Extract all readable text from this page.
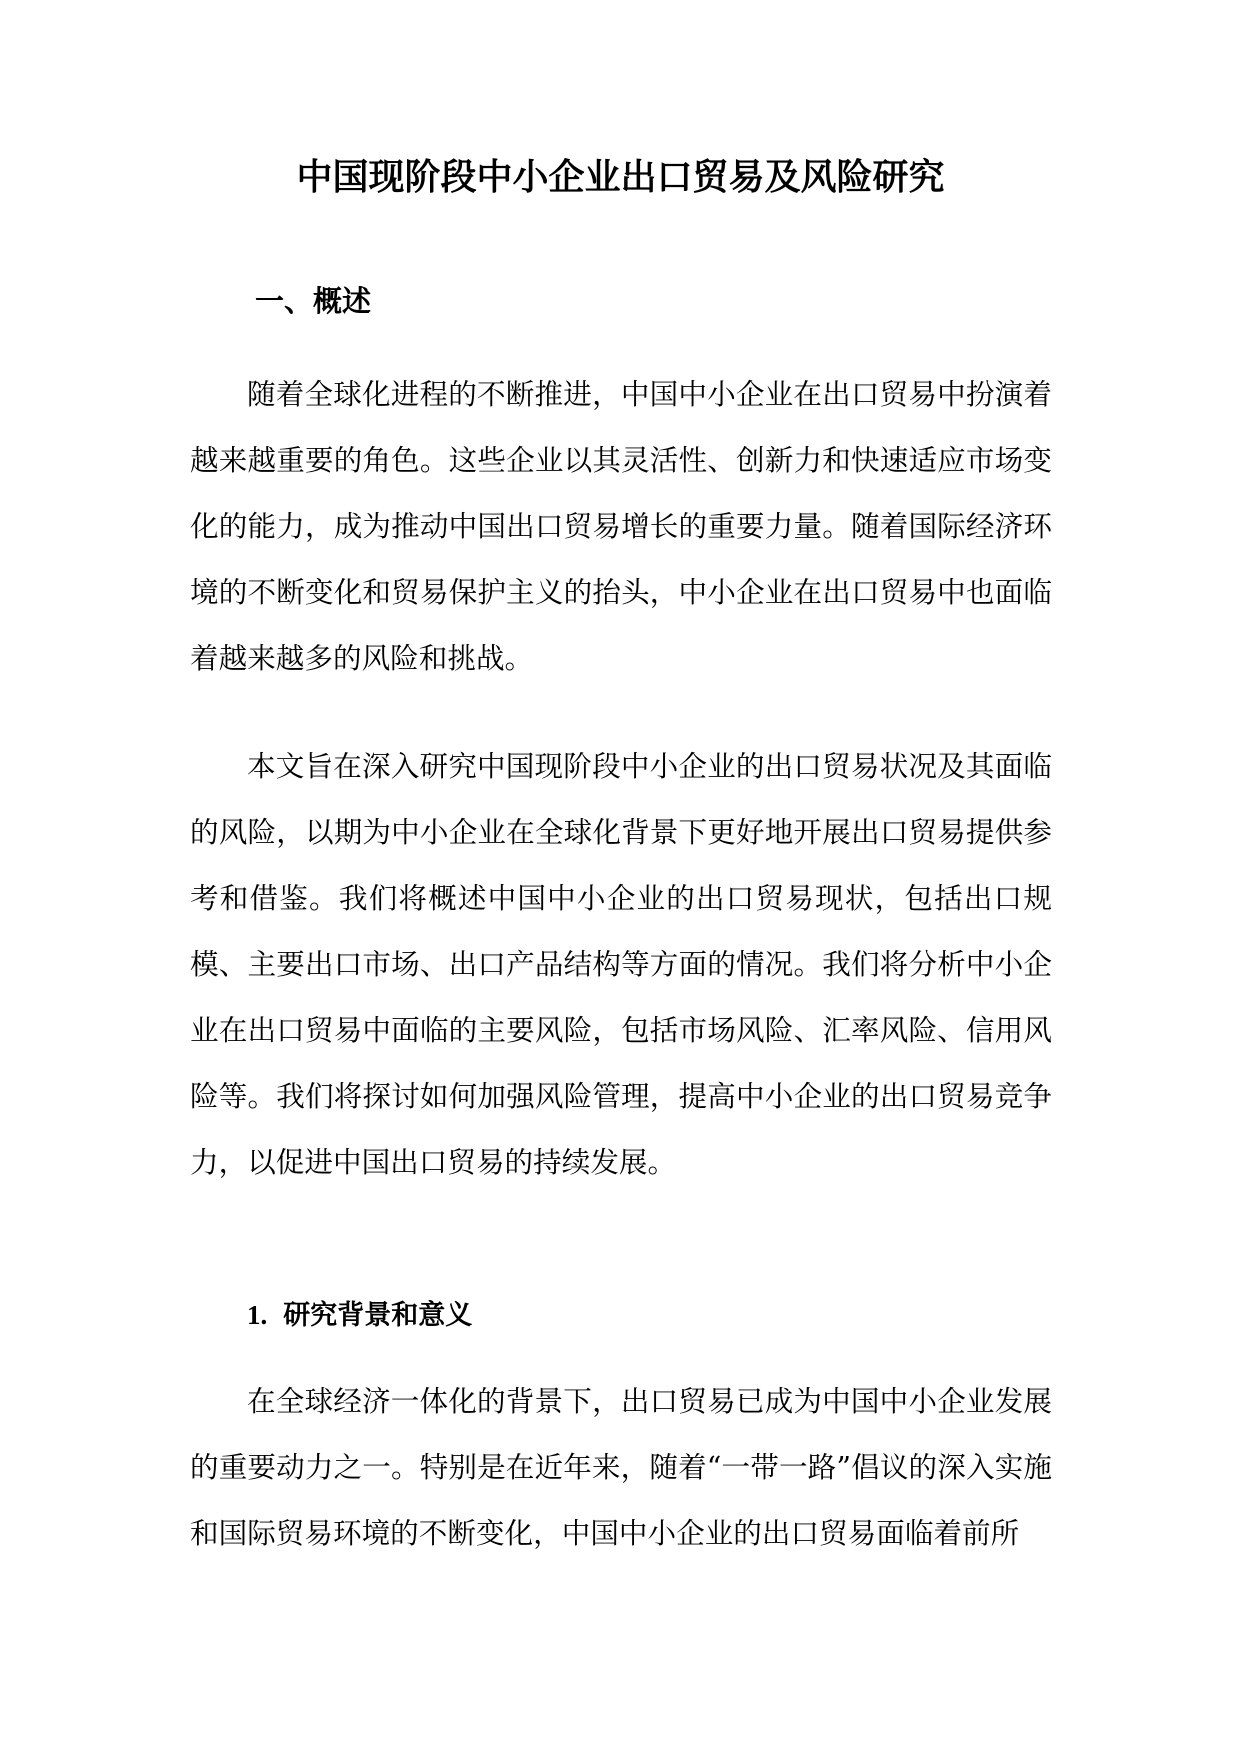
中国现阶段中小企业出口贸易及风险研究
一、概述

随着全球化进程的不断推进，中国中小企业在出口贸易中扮演着越来越重要的角色。这些企业以其灵活性、创新力和快速适应市场变化的能力，成为推动中国出口贸易增长的重要力量。随着国际经济环境的不断变化和贸易保护主义的抬头，中小企业在出口贸易中也面临着越来越多的风险和挑战。

本文旨在深入研究中国现阶段中小企业的出口贸易状况及其面临的风险，以期为中小企业在全球化背景下更好地开展出口贸易提供参考和借鉴。我们将概述中国中小企业的出口贸易现状，包括出口规模、主要出口市场、出口产品结构等方面的情况。我们将分析中小企业在出口贸易中面临的主要风险，包括市场风险、汇率风险、信用风险等。我们将探讨如何加强风险管理，提高中小企业的出口贸易竞争力，以促进中国出口贸易的持续发展。

1. 研究背景和意义

在全球经济一体化的背景下，出口贸易已成为中国中小企业发展的重要动力之一。特别是在近年来，随着“一带一路”倡议的深入实施和国际贸易环境的不断变化，中国中小企业的出口贸易面临着前所
